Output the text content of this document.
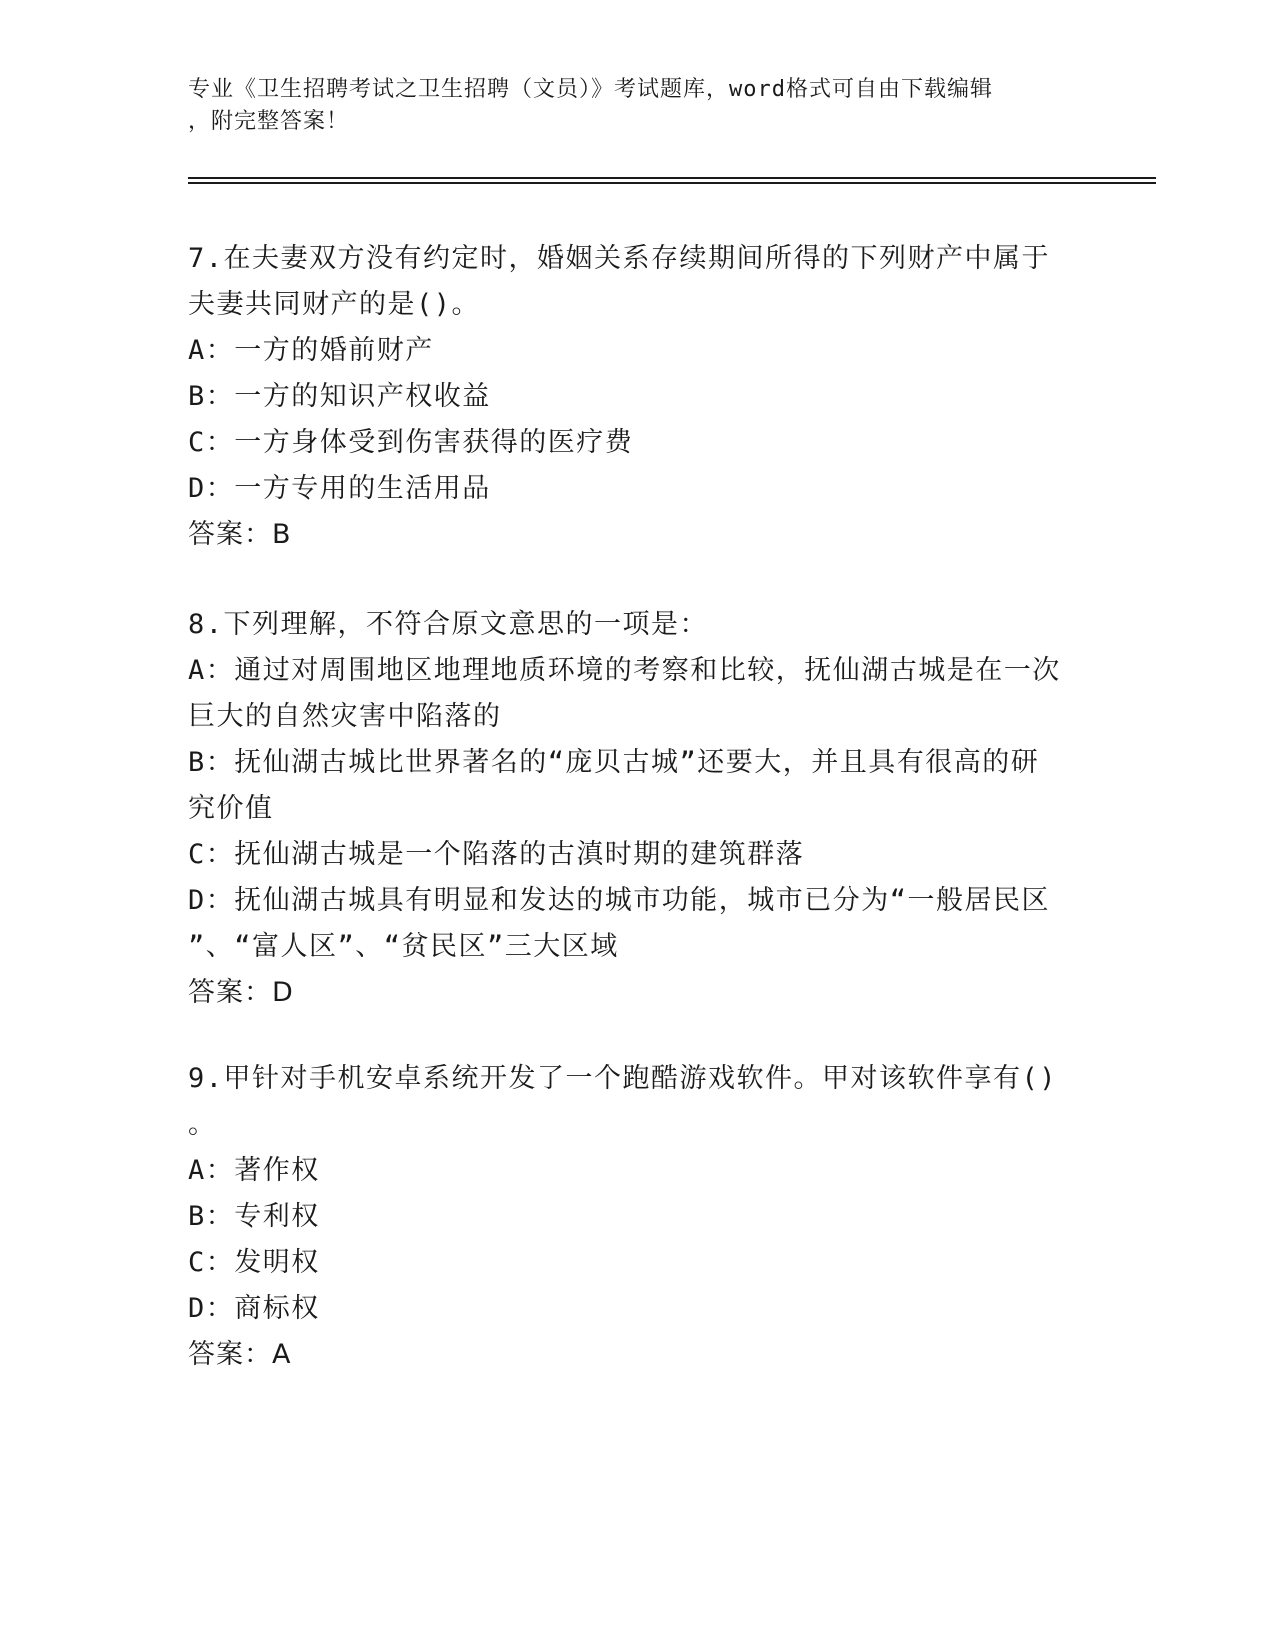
专业《卫生招聘考试之卫生招聘（文员）》考试题库，word格式可自由下载编辑
，附完整答案！
7.在夫妻双方没有约定时，婚姻关系存续期间所得的下列财产中属于
夫妻共同财产的是()。
A：一方的婚前财产
B：一方的知识产权收益
C：一方身体受到伤害获得的医疗费
D：一方专用的生活用品
答案：B
8.下列理解，不符合原文意思的一项是：
A：通过对周围地区地理地质环境的考察和比较，抚仙湖古城是在一次
巨大的自然灾害中陷落的
B：抚仙湖古城比世界著名的“庞贝古城”还要大，并且具有很高的研
究价值
C：抚仙湖古城是一个陷落的古滇时期的建筑群落
D：抚仙湖古城具有明显和发达的城市功能，城市已分为“一般居民区
”、“富人区”、“贫民区”三大区域
答案：D
9.甲针对手机安卓系统开发了一个跑酷游戏软件。甲对该软件享有()
。
A：著作权
B：专利权
C：发明权
D：商标权
答案：A
